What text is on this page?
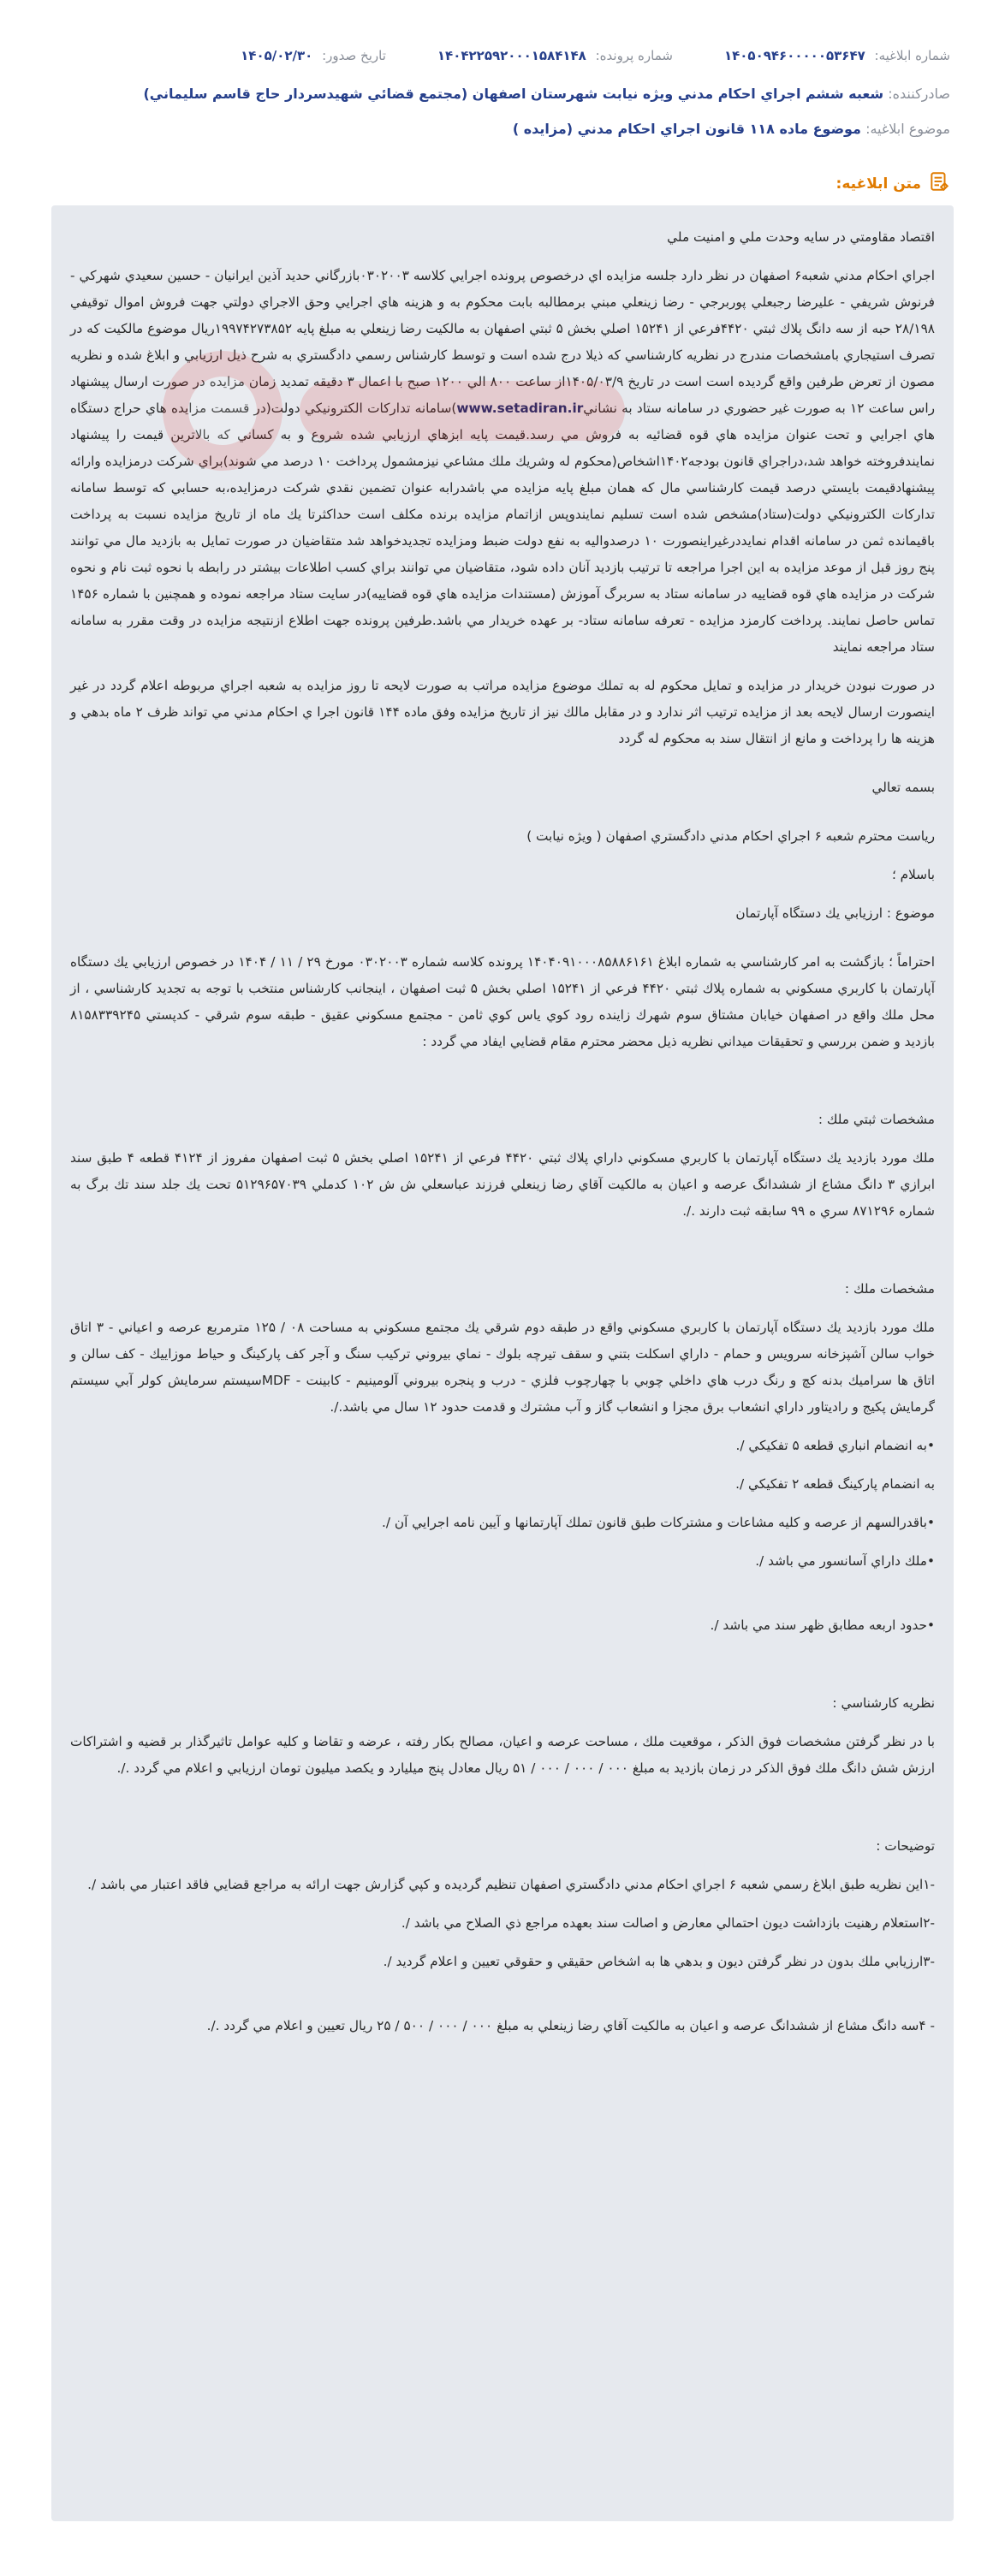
شماره ابلاغيه: ۱۴۰۵۰۹۴۶۰۰۰۰۰۵۳۶۴۷
شماره پرونده: ۱۴۰۴۲۲۵۹۲۰۰۰۱۵۸۴۱۴۸
تاريخ صدور: ۱۴۰۵/۰۲/۳۰
صادرکننده: شعبه ششم اجراي احكام مدني ويژه نيابت شهرستان اصفهان (مجتمع قضائي شهيدسردار حاج قاسم سليماني)
موضوع ابلاغيه: موضوع ماده ۱۱۸ قانون اجراي احكام مدني (مزايده )
متن ابلاغيه:

اقتصاد مقاومتي در سايه وحدت ملي و امنيت ملي

اجراي احكام مدني شعبه۶ اصفهان در نظر دارد جلسه مزايده اي درخصوص پرونده اجرايي كلاسه ۰۳۰۲۰۰۳بازرگاني حديد آذين ايرانيان - حسين سعيدي شهركي - فرنوش شريفي - عليرضا رجبعلي پوربرجي - رضا زينعلي مبني برمطالبه بابت محكوم به و هزينه هاي اجرايي وحق الاجراي دولتي جهت فروش اموال توقيفي ۲۸/۱۹۸ حبه از سه دانگ پلاك ثبتي ۴۴۲۰فرعي از ۱۵۲۴۱ اصلي بخش ۵ ثبتي اصفهان به مالكيت رضا زينعلي به مبلغ پايه ۱۹۹۷۴۲۷۳۸۵۲ريال موضوع مالكيت كه در تصرف استيجاري بامشخصات مندرج در نظريه كارشناسي كه ذيلا درج شده است و توسط كارشناس رسمي دادگستري به شرح ذيل ارزيابي و ابلاغ شده و نظريه مصون از تعرض طرفين واقع گرديده است است در تاريخ ۱۴۰۵/۰۳/۹از ساعت ۸۰۰ الي ۱۲۰۰ صبح با اعمال ۳ دقيقه تمديد زمان مزايده در صورت ارسال پيشنهاد راس ساعت ۱۲ به صورت غير حضوري در سامانه ستاد به نشانيwww.setadiran.ir)سامانه تداركات الكترونيكي دولت(در قسمت مزايده هاي حراج دستگاه هاي اجرايي و تحت عنوان مزايده هاي قوه قضائيه به فروش مي رسد.قيمت پايه ابزهاي ارزيابي شده شروع و به كساني كه بالاترين قيمت را پيشنهاد نمايندفروخته خواهد شد،دراجراي قانون بودجه۱۴۰۲اشخاص(محكوم له وشريك ملك مشاعي نيزمشمول پرداخت ۱۰ درصد مي شوند)براي شركت درمزايده وارائه پيشنهادقيمت بايستي درصد قيمت كارشناسي مال كه همان مبلغ پايه مزايده مي باشدرابه عنوان تضمين نقدي شركت درمزايده،به حسابي كه توسط سامانه تداركات الكترونيكي دولت(ستاد)مشخص شده است تسليم نمايندوپس ازاتمام مزايده برنده مكلف است حداكثرتا يك ماه از تاريخ مزايده نسبت به پرداخت باقيمانده ثمن در سامانه اقدام نمايددرغيراينصورت ۱۰ درصدواليه به نفع دولت ضبط ومزايده تجديدخواهد شد متقاضيان در صورت تمايل به بازديد مال مي توانند پنج روز قبل از موعد مزايده به اين اجرا مراجعه تا ترتيب بازديد آنان داده شود، متقاضيان مي توانند براي كسب اطلاعات بيشتر در رابطه با نحوه ثبت نام و نحوه شركت در مزايده هاي قوه قضاييه در سامانه ستاد به سربرگ آموزش (مستندات مزايده هاي قوه قضاييه)در سايت ستاد مراجعه نموده و همچنين با شماره ۱۴۵۶ تماس حاصل نمايند. پرداخت كارمزد مزايده - تعرفه سامانه ستاد- بر عهده خريدار مي باشد.طرفين پرونده جهت اطلاع ازنتيجه مزايده در وقت مقرر به سامانه ستاد مراجعه نمايند

در صورت نبودن خريدار در مزايده و تمايل محكوم له به تملك موضوع مزايده مراتب به صورت لايحه تا روز مزايده به شعبه اجراي مربوطه اعلام گردد در غير اينصورت ارسال لايحه بعد از مزايده ترتيب اثر ندارد و در مقابل مالك نيز از تاريخ مزايده وفق ماده ۱۴۴ قانون اجرا ي احكام مدني مي تواند ظرف ۲ ماه بدهي و هزينه ها را پرداخت و مانع از انتقال سند به محكوم له گردد

بسمه تعالي

رياست محترم شعبه ۶ اجراي احكام مدني دادگستري اصفهان ( ويژه نيابت )

باسلام ؛

موضوع : ارزيابي يك دستگاه آپارتمان

احتراماً ؛ بازگشت به امر كارشناسي به شماره ابلاغ ۱۴۰۴۰۹۱۰۰۰۸۵۸۸۶۱۶۱ پرونده كلاسه شماره ۰۳۰۲۰۰۳ مورخ ۲۹ / ۱۱ / ۱۴۰۴ در خصوص ارزيابي يك دستگاه آپارتمان با كاربري مسكوني به شماره پلاك ثبتي ۴۴۲۰ فرعي از ۱۵۲۴۱ اصلي بخش ۵ ثبت اصفهان ، اينجانب كارشناس منتخب با توجه به تجديد كارشناسي ، از محل ملك واقع در اصفهان خيابان مشتاق سوم شهرك زاينده رود كوي ياس كوي ثامن - مجتمع مسكوني عقيق - طبقه سوم شرقي - كدپستي ۸۱۵۸۳۳۹۲۴۵ بازديد و ضمن بررسي و تحقيقات ميداني نظريه ذيل محضر محترم مقام قضايي ايفاد مي گردد :

مشخصات ثبتي ملك :

ملك مورد بازديد يك دستگاه آپارتمان با كاربري مسكوني داراي پلاك ثبتي ۴۴۲۰ فرعي از ۱۵۲۴۱ اصلي بخش ۵ ثبت اصفهان مفروز از ۴۱۲۴ قطعه ۴ طبق سند ابرازي ۳ دانگ مشاع از ششدانگ عرصه و اعيان به مالكيت آقاي رضا زينعلي فرزند عباسعلي ش ش ۱۰۲ كدملي ۵۱۲۹۶۵۷۰۳۹ تحت يك جلد سند تك برگ به شماره ۸۷۱۲۹۶ سري ه ۹۹ سابقه ثبت دارند ./.

مشخصات ملك :

ملك مورد بازديد يك دستگاه آپارتمان با كاربري مسكوني واقع در طبقه دوم شرقي يك مجتمع مسكوني به مساحت ۰۸ / ۱۲۵ مترمربع عرصه و اعياني - ۳ اتاق خواب سالن آشپزخانه سرويس و حمام - داراي اسكلت بتني و سقف تيرچه بلوك - نماي بيروني تركيب سنگ و آجر كف پاركينگ و حياط موزاييك - كف سالن و اتاق ها سراميك بدنه كچ و رنگ درب هاي داخلي چوبي با چهارچوب فلزي - درب و پنجره بيروني آلومينيم - كابينت - MDFسيستم سرمايش كولر آبي سيستم گرمايش پكيج و راديتاور داراي انشعاب برق مجزا و انشعاب گاز و آب مشترك و قدمت حدود ۱۲ سال مي باشد./.

•به انضمام انباري قطعه ۵ تفكيكي /.

به انضمام پاركينگ قطعه ۲ تفكيكي /.

•باقدرالسهم از عرصه و كليه مشاعات و مشتركات طبق قانون تملك آپارتمانها و آيين نامه اجرايي آن /.

•ملك داراي آسانسور مي باشد /.

•حدود اربعه مطابق ظهر سند مي باشد /.

نظريه كارشناسي :

با در نظر گرفتن مشخصات فوق الذكر ، موقعيت ملك ، مساحت عرصه و اعيان، مصالح بكار رفته ، عرضه و تقاضا و كليه عوامل تاثيرگذار بر قضيه و اشتراكات ارزش شش دانگ ملك فوق الذكر در زمان بازديد به مبلغ ۰۰۰ / ۰۰۰ / ۰۰۰ / ۵۱ ريال معادل پنج ميليارد و يكصد ميليون تومان ارزيابي و اعلام مي گردد ./.

توضيحات :

-۱اين نظريه طبق ابلاغ رسمي شعبه ۶ اجراي احكام مدني دادگستري اصفهان تنظيم گرديده و كپي گزارش جهت ارائه به مراجع قضايي فاقد اعتبار مي باشد /.

-۲استعلام رهنيت بازداشت ديون احتمالي معارض و اصالت سند بعهده مراجع ذي الصلاح مي باشد /.

-۳ارزيابي ملك بدون در نظر گرفتن ديون و بدهي ها به اشخاص حقيقي و حقوقي تعيين و اعلام گرديد /.

- ۴سه دانگ مشاع از ششدانگ عرصه و اعيان به مالكيت آقاي رضا زينعلي به مبلغ ۰۰۰ / ۰۰۰ / ۵۰۰ / ۲۵ ريال تعيين و اعلام مي گردد ./.
